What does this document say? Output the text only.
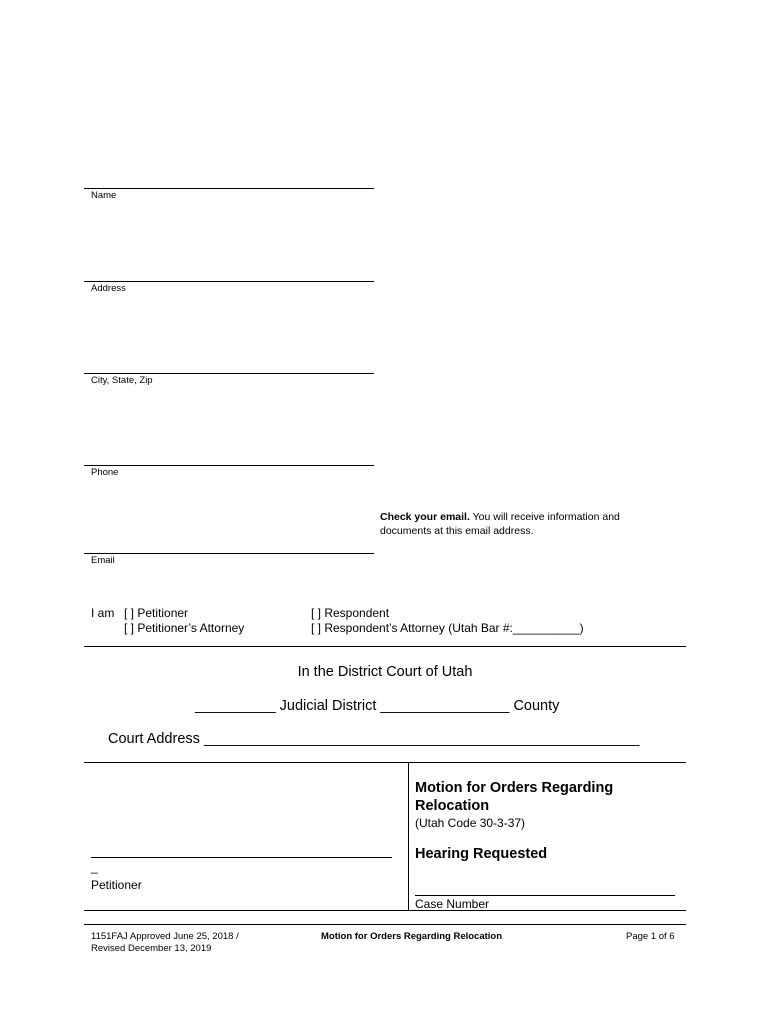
Name
Address
City, State, Zip
Phone
Check your email. You will receive information and
documents at this email address.
Email
I am [ ] Petitioner
[ ] Petitioner’s Attorney
[ ] Respondent
[ ] Respondent’s Attorney (Utah Bar #:__________)
In the District Court of Utah
__________ Judicial District ________________ County
Court Address ______________________________________________________
Motion for Orders Regarding
Relocation
(Utah Code 30-3-37)
Hearing Requested
Case Number
_
Petitioner
1151FAJ Approved June 25, 2018 /
Revised December 13, 2019
Motion for Orders Regarding Relocation	Page 1 of 6
